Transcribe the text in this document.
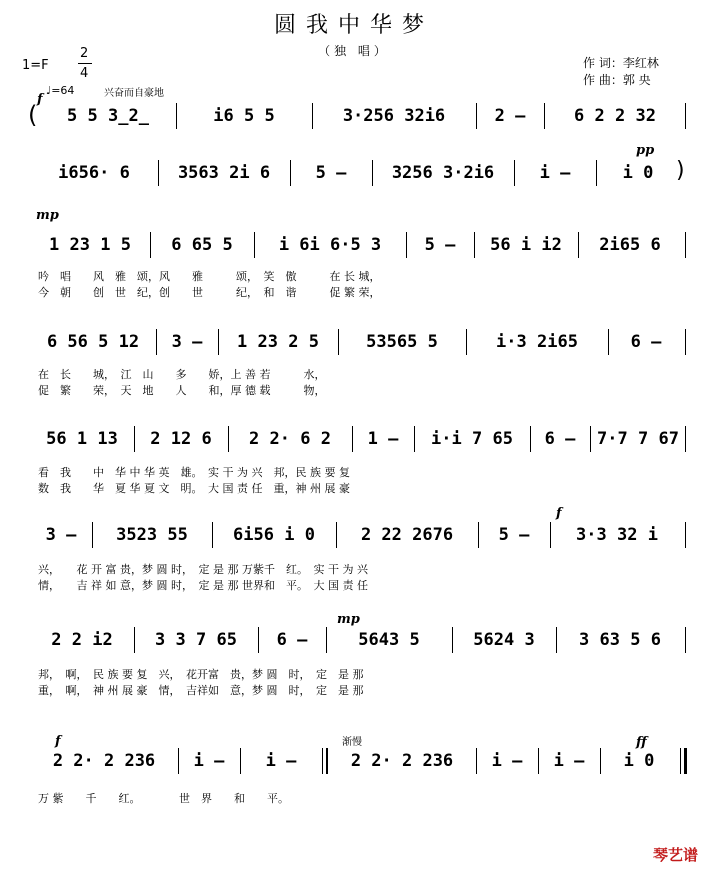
圆我中华梦
（独 唱）
1=F
2
4
♩=64	兴奋而自豪地
作 词：李红林
作 曲：郭 央
f
pp
mp
f
mp
f	ff
渐慢
(	5 5 3̲2̲	i6 5 5	3·256 32i6	2 –	6 2 2 32
i656· 6	3563 2i 6	5 –	3256 3·2i6	i –	i 0	)
1 23 1 5	6 65 5	i 6i 6·5 3	5 –	56 i i2	2i65 6
吟　唱　　风　雅　颂，风　　雅　　　颂，　笑　傲　　　在 长 城，
今　朝　　创　世　纪，创　　世　　　纪，　和　谐　　　促 繁 荣，
6 56 5 12	3 –	1 23 2 5	53565 5	i·3 2i65	6 –
在　长　　城，　江　山　　多　　娇，上 善 若　　　水，
促　繁　　荣，　天　地　　人　　和，厚 德 载　　　物，
56 1 13	2 12 6	2 2· 6 2	1 –	i·i 7 65	6 –	7·7 7 67
看　我　　中　华 中 华 英　雄。　实 干 为 兴　邦，民 族 要 复
数　我　　华　夏 华 夏 文　明。　大 国 责 任　重，神 州 展 豪
3 –	3523 55	6i56 i 0	2 22 2676	5 –	3·3 32 i
兴，　　花 开 富 贵，梦 圆 时，　定 是 那 万紫千　红。　实 干 为 兴
情，　　吉 祥 如 意，梦 圆 时，　定 是 那 世界和　平。　大 国 责 任
2 2 i2	3 3 7 65	6 –	5643 5	5624 3	3 63 5 6
邦，　啊，　民 族 要 复　兴，　花开富　贵，梦 圆　时，　定　是 那
重，　啊，　神 州 展 豪　情，　吉祥如　意，梦 圆　时，　定　是 那
2 2· 2 236	i –	i –	2 2· 2 236	i –	i –	i 0
万 紫　　千　　红。　　　　世　界　　和　　平。
琴艺谱
